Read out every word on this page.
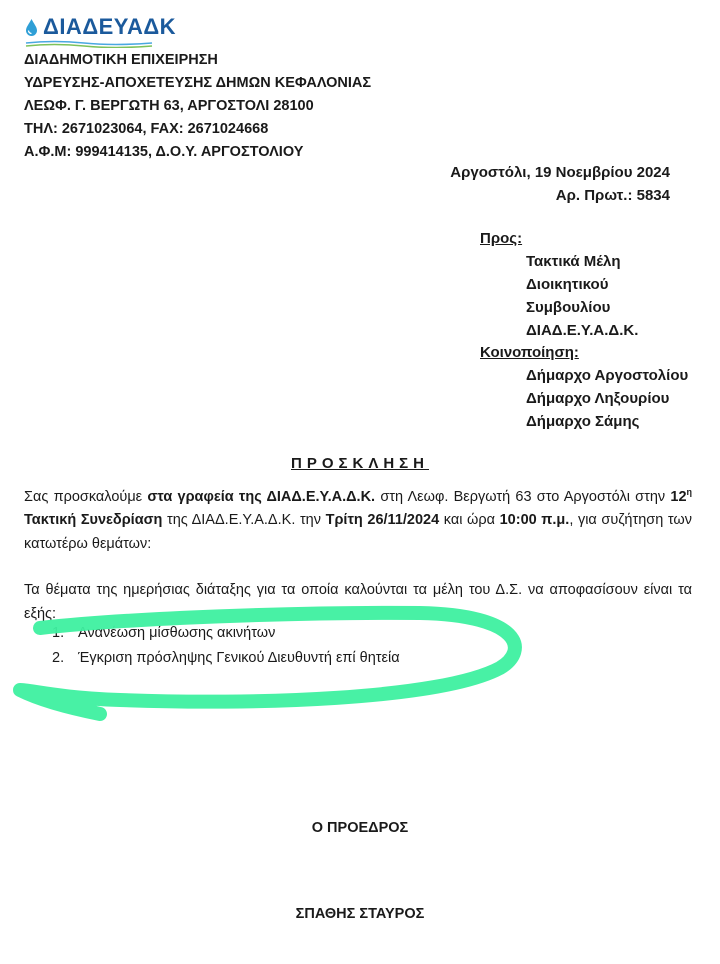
ΔΙΑΔΕΥΑΔΚ
ΔΙΑΔΗΜΟΤΙΚΗ ΕΠΙΧΕΙΡΗΣΗ
ΥΔΡΕΥΣΗΣ-ΑΠΟΧΕΤΕΥΣΗΣ ΔΗΜΩΝ ΚΕΦΑΛΟΝΙΑΣ
ΛΕΩΦ. Γ. ΒΕΡΓΩΤΗ 63, ΑΡΓΟΣΤΟΛΙ 28100
ΤΗΛ: 2671023064, FAX: 2671024668
Α.Φ.Μ: 999414135, Δ.Ο.Υ. ΑΡΓΟΣΤΟΛΙΟΥ
Αργοστόλι, 19 Νοεμβρίου 2024
Αρ. Πρωτ.: 5834
Προς:
Τακτικά Μέλη
Διοικητικού
Συμβουλίου
ΔΙΑΔ.Ε.Υ.Α.Δ.Κ.
Κοινοποίηση:
Δήμαρχο Αργοστολίου
Δήμαρχο Ληξουρίου
Δήμαρχο Σάμης
ΠΡΟΣΚΛΗΣΗ
Σας προσκαλούμε στα γραφεία της ΔΙΑΔ.Ε.Υ.Α.Δ.Κ. στη Λεωφ. Βεργωτή 63 στο Αργοστόλι στην $12^\eta$ Τακτική Συνεδρίαση της ΔΙΑΔ.Ε.Υ.Α.Δ.Κ. την Τρίτη 26/11/2024 και ώρα 10:00 π.μ., για συζήτηση των κατωτέρω θεμάτων:
Τα θέματα της ημερήσιας διάταξης για τα οποία καλούνται τα μέλη του Δ.Σ. να αποφασίσουν είναι τα εξής:
1. Ανανέωση μίσθωσης ακινήτων
2. Έγκριση πρόσληψης Γενικού Διευθυντή επί θητεία
Ο ΠΡΟΕΔΡΟΣ
ΣΠΑΘΗΣ ΣΤΑΥΡΟΣ
